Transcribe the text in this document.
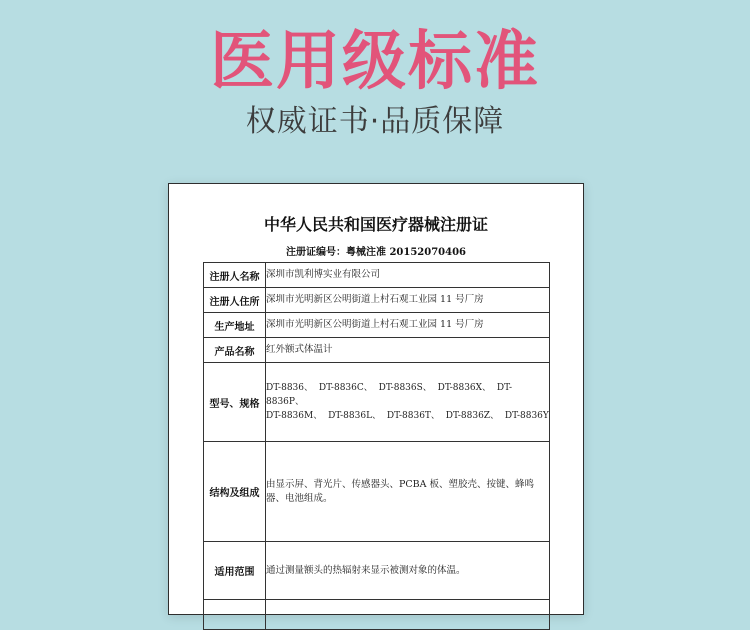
医用级标准
权威证书·品质保障
中华人民共和国医疗器械注册证
注册证编号：粤械注准 20152070406
注册人名称	深圳市凯利博实业有限公司
注册人住所	深圳市光明新区公明街道上村石观工业园 11 号厂房
生产地址	深圳市光明新区公明街道上村石观工业园 11 号厂房
产品名称	红外额式体温计
型号、规格	DT-8836、 DT-8836C、 DT-8836S、 DT-8836X、 DT-8836P、
DT-8836M、 DT-8836L、 DT-8836T、 DT-8836Z、 DT-8836Y

结构及组成	由显示屏、背光片、传感器头、PCBA 板、塑胶壳、按键、蜂鸣器、电池组成。
适用范围	通过测量额头的热辐射来显示被测对象的体温。
